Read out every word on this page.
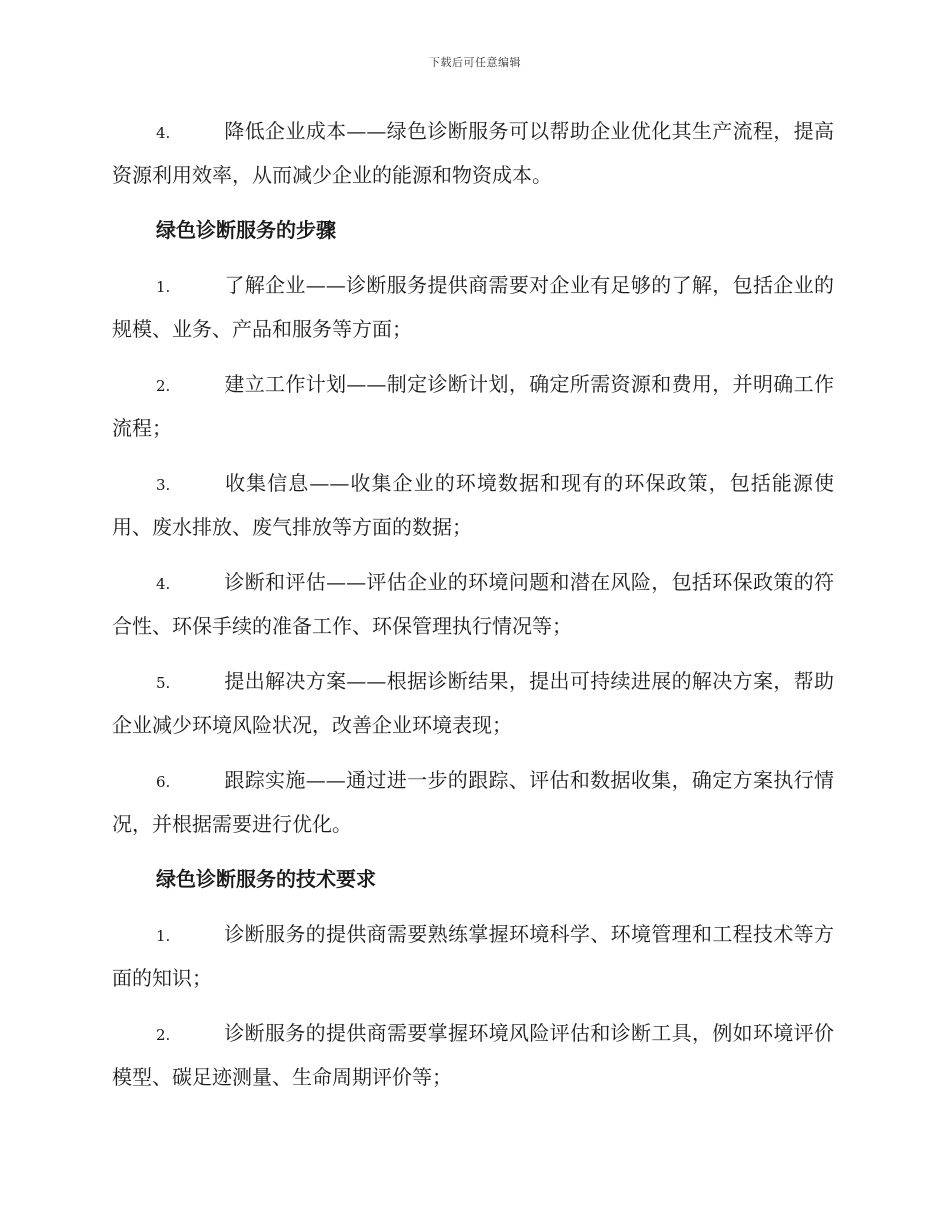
下载后可任意编辑

4.	降低企业成本——绿色诊断服务可以帮助企业优化其生产流程，提高资源利用效率，从而减少企业的能源和物资成本。

绿色诊断服务的步骤

1.	了解企业——诊断服务提供商需要对企业有足够的了解，包括企业的规模、业务、产品和服务等方面；

2.	建立工作计划——制定诊断计划，确定所需资源和费用，并明确工作流程；

3.	收集信息——收集企业的环境数据和现有的环保政策，包括能源使用、废水排放、废气排放等方面的数据；

4.	诊断和评估——评估企业的环境问题和潜在风险，包括环保政策的符合性、环保手续的准备工作、环保管理执行情况等；

5.	提出解决方案——根据诊断结果，提出可持续进展的解决方案，帮助企业减少环境风险状况，改善企业环境表现；

6.	跟踪实施——通过进一步的跟踪、评估和数据收集，确定方案执行情况，并根据需要进行优化。

绿色诊断服务的技术要求

1.	诊断服务的提供商需要熟练掌握环境科学、环境管理和工程技术等方面的知识；

2.	诊断服务的提供商需要掌握环境风险评估和诊断工具，例如环境评价模型、碳足迹测量、生命周期评价等；
